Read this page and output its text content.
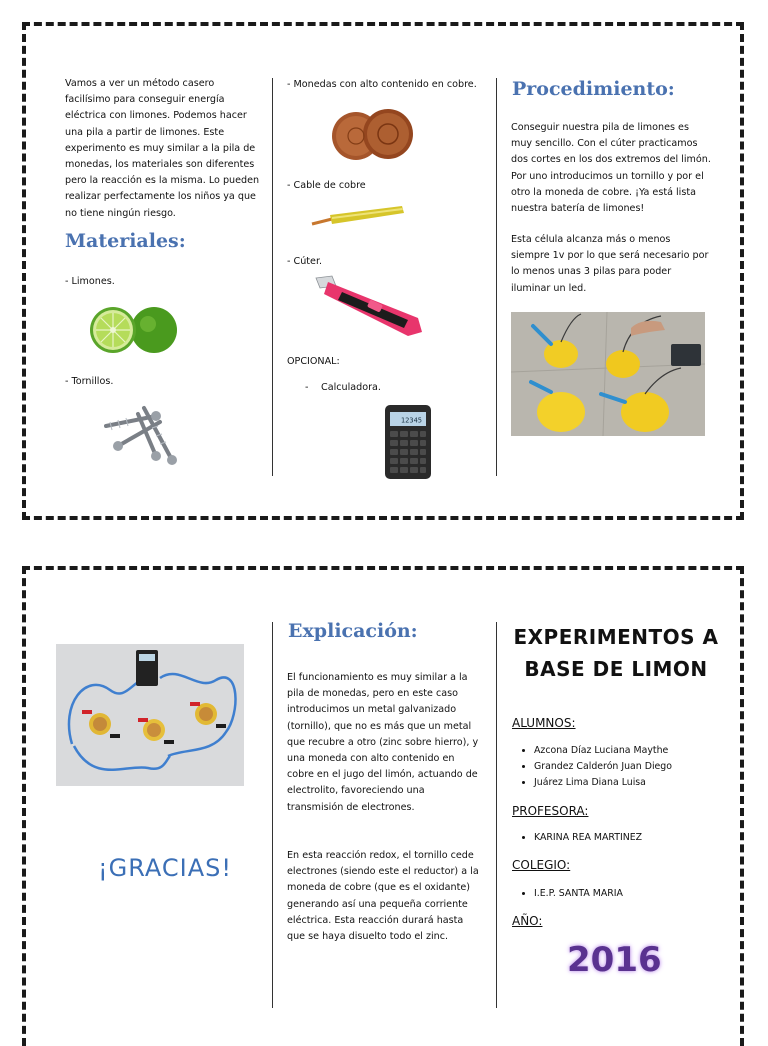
Vamos a ver un método casero facilísimo para conseguir energía eléctrica con limones. Podemos hacer una pila a partir de limones. Este experimento es muy similar a la pila de monedas, los materiales son diferentes pero la reacción es la misma. Lo pueden realizar perfectamente los niños ya que no tiene ningún riesgo.
Materiales:
- Limones.
- Tornillos.
- Monedas con alto contenido en cobre.
- Cable de cobre
- Cúter.
OPCIONAL:
- Calculadora.
12345
Procedimiento:
Conseguir nuestra pila de limones es muy sencillo. Con el cúter practicamos dos cortes en los dos extremos del limón. Por uno introducimos un tornillo y por el otro la moneda de cobre. ¡Ya está lista nuestra batería de limones!
Esta célula alcanza más o menos siempre 1v por lo que será necesario por lo menos unas 3 pilas para poder iluminar un led.
¡GRACIAS!
Explicación:
El funcionamiento es muy similar a la pila de monedas, pero en este caso introducimos un metal galvanizado (tornillo), que no es más que un metal que recubre a otro (zinc sobre hierro), y una moneda con alto contenido en cobre en el jugo del limón, actuando de electrolito, favoreciendo una transmisión de electrones.
En esta reacción redox, el tornillo cede electrones (siendo este el reductor) a la moneda de cobre (que es el oxidante) generando así una pequeña corriente eléctrica. Esta reacción durará hasta que se haya disuelto todo el zinc.
EXPERIMENTOS A
BASE DE LIMON
ALUMNOS:
• Azcona Díaz Luciana Maythe
• Grandez Calderón Juan Diego
• Juárez Lima Diana Luisa
PROFESORA:
• KARINA REA MARTINEZ
COLEGIO:
• I.E.P. SANTA MARIA
AÑO:
2016
